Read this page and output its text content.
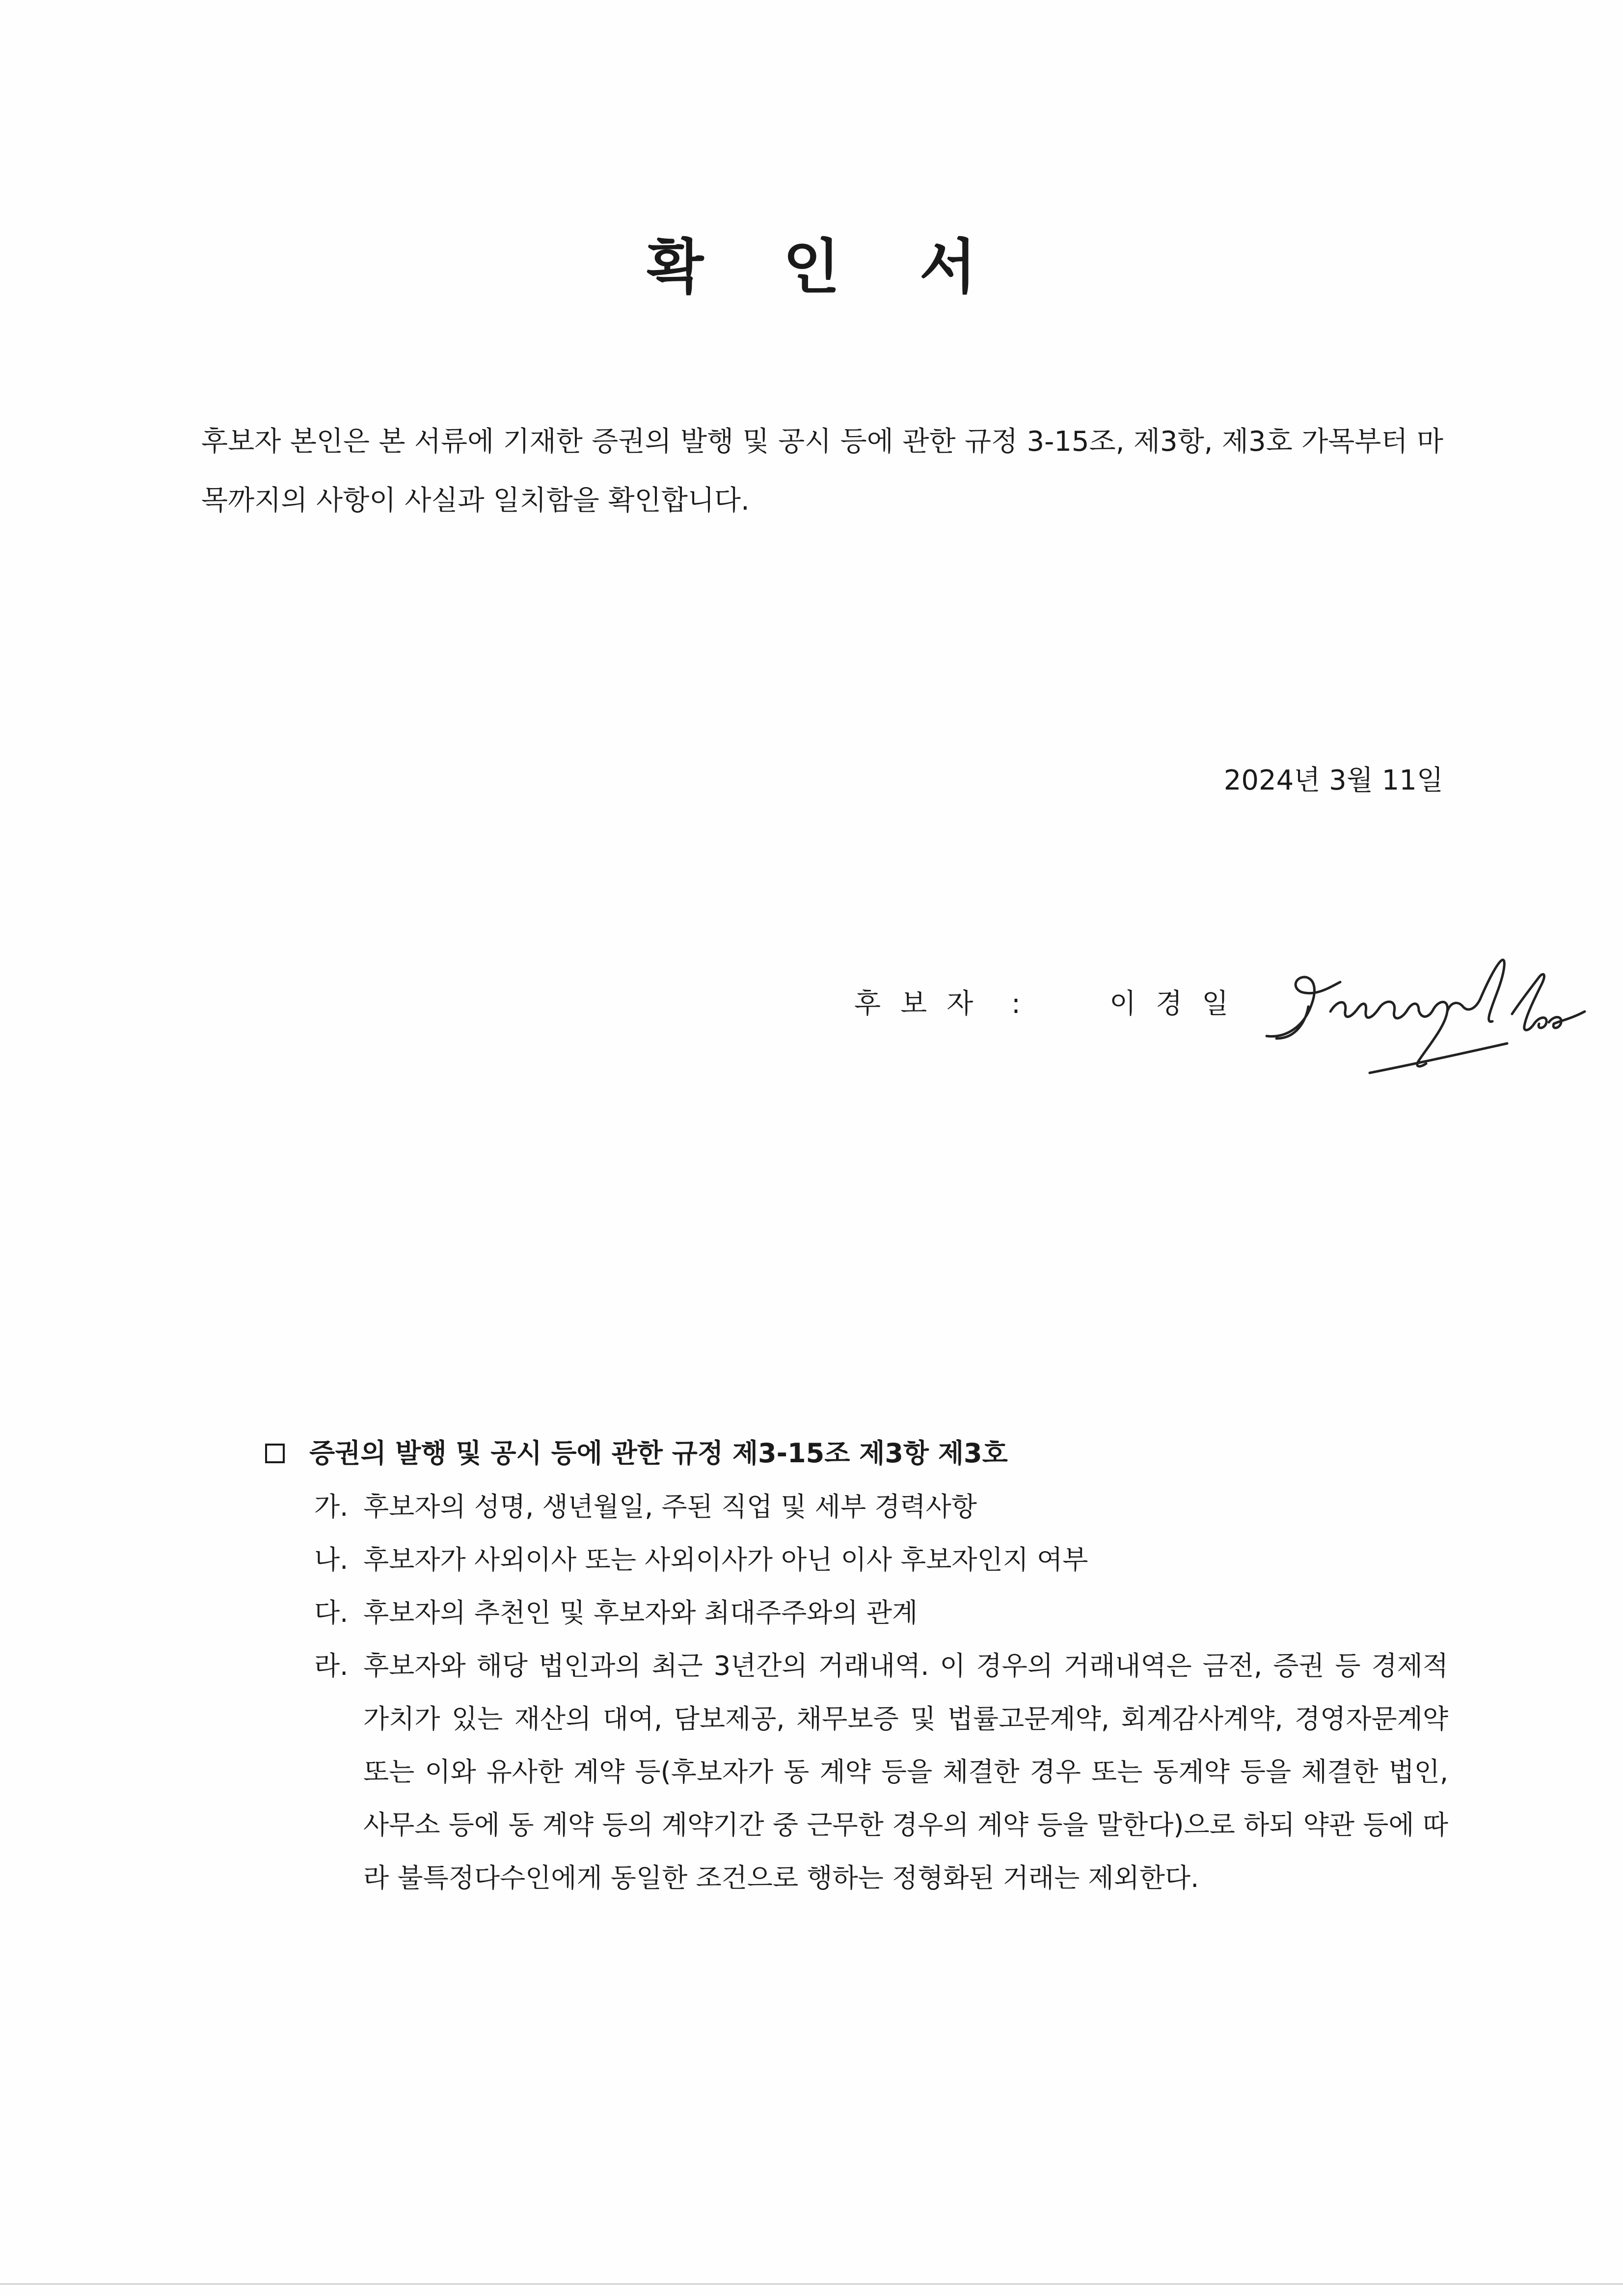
확 인 서
후보자 본인은 본 서류에 기재한 증권의 발행 및 공시 등에 관한 규정 3-15조, 제3항, 제3호 가목부터 마목까지의 사항이 사실과 일치함을 확인합니다.
2024년 3월 11일
후보자 :	이경일
증권의 발행 및 공시 등에 관한 규정 제3-15조 제3항 제3호
가. 후보자의 성명, 생년월일, 주된 직업 및 세부 경력사항
나. 후보자가 사외이사 또는 사외이사가 아닌 이사 후보자인지 여부
다. 후보자의 추천인 및 후보자와 최대주주와의 관계
라. 후보자와 해당 법인과의 최근 3년간의 거래내역. 이 경우의 거래내역은 금전, 증권 등 경제적 가치가 있는 재산의 대여, 담보제공, 채무보증 및 법률고문계약, 회계감사계약, 경영자문계약 또는 이와 유사한 계약 등(후보자가 동 계약 등을 체결한 경우 또는 동계약 등을 체결한 법인, 사무소 등에 동 계약 등의 계약기간 중 근무한 경우의 계약 등을 말한다)으로 하되 약관 등에 따라 불특정다수인에게 동일한 조건으로 행하는 정형화된 거래는 제외한다.
